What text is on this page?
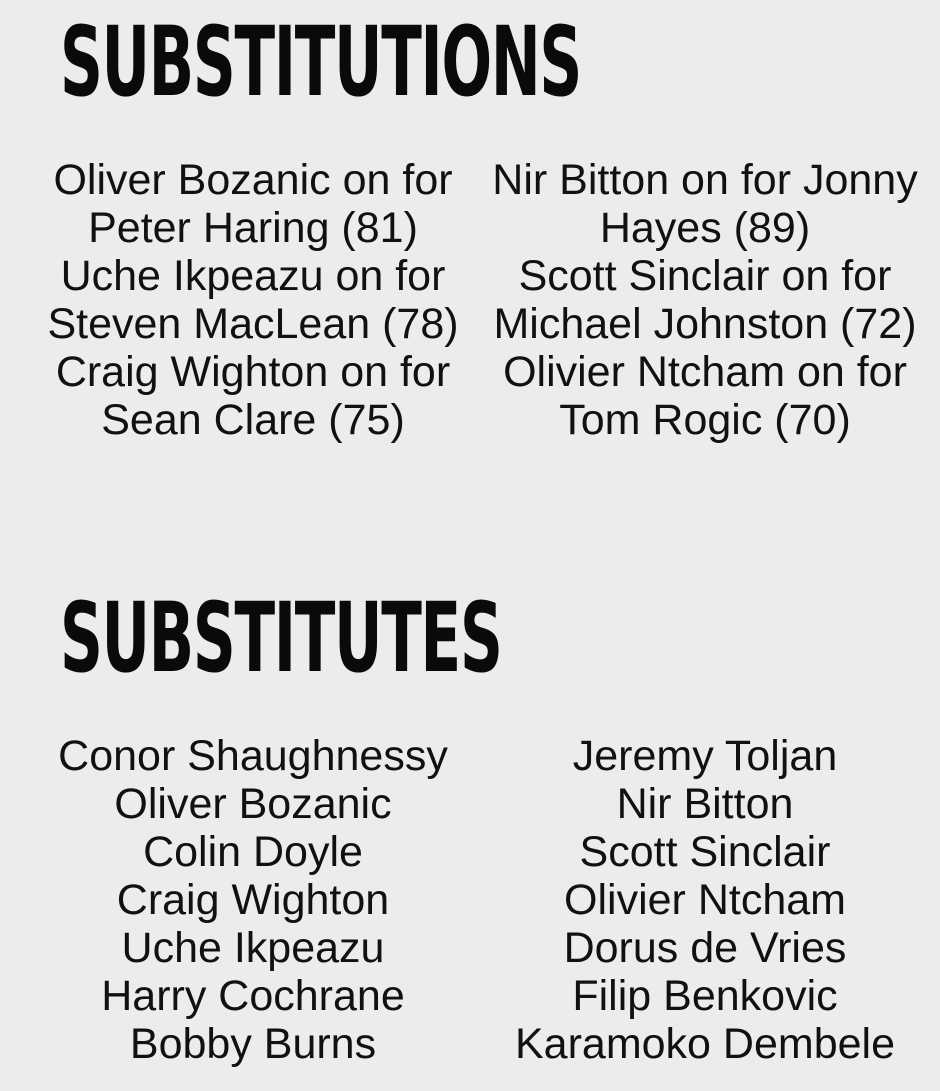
SUBSTITUTIONS
Oliver Bozanic on for Peter Haring (81)
Uche Ikpeazu on for Steven MacLean (78)
Craig Wighton on for Sean Clare (75)
Nir Bitton on for Jonny Hayes (89)
Scott Sinclair on for Michael Johnston (72)
Olivier Ntcham on for Tom Rogic (70)
SUBSTITUTES
Conor Shaughnessy
Oliver Bozanic
Colin Doyle
Craig Wighton
Uche Ikpeazu
Harry Cochrane
Bobby Burns
Jeremy Toljan
Nir Bitton
Scott Sinclair
Olivier Ntcham
Dorus de Vries
Filip Benkovic
Karamoko Dembele
